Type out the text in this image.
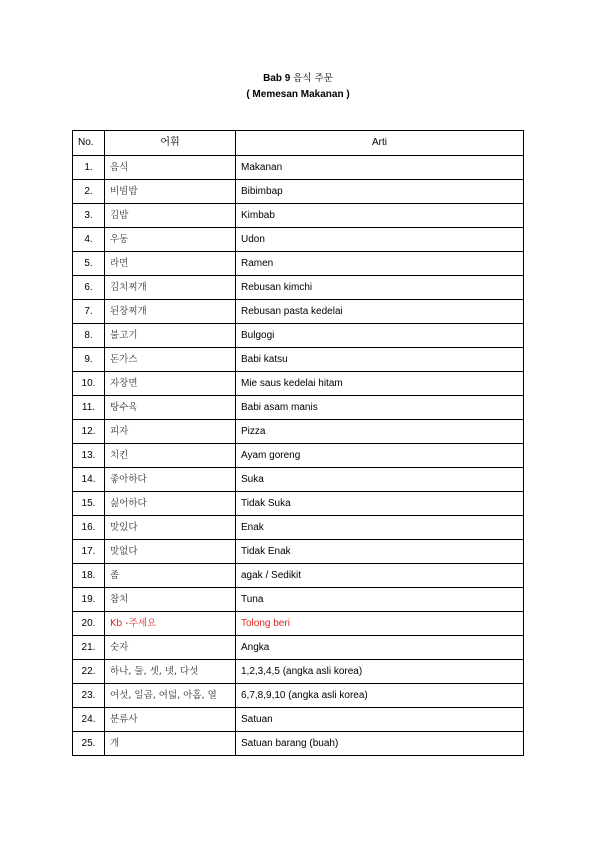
Bab 9 음식 주문
( Memesan Makanan )
No.	어휘	Arti
1.	음식	Makanan
2.	비빔밥	Bibimbap
3.	김밥	Kimbab
4.	우동	Udon
5.	라면	Ramen
6.	김치찌개	Rebusan kimchi
7.	된장찌개	Rebusan pasta kedelai
8.	불고기	Bulgogi
9.	돈가스	Babi katsu
10.	자장면	Mie saus kedelai hitam
11.	탕수육	Babi asam manis
12.	피자	Pizza
13.	치킨	Ayam goreng
14.	좋아하다	Suka
15.	싫어하다	Tidak Suka
16.	맛있다	Enak
17.	맛없다	Tidak Enak
18.	좀	agak / Sedikit
19.	참치	Tuna
20.	Kb -주세요	Tolong beri
21.	숫자	Angka
22.	하나, 둘, 셋, 넷, 다섯	1,2,3,4,5 (angka asli korea)
23.	여섯, 일곱, 여덟, 아홉, 열	6,7,8,9,10 (angka asli korea)
24.	분류사	Satuan
25.	개	Satuan barang (buah)
